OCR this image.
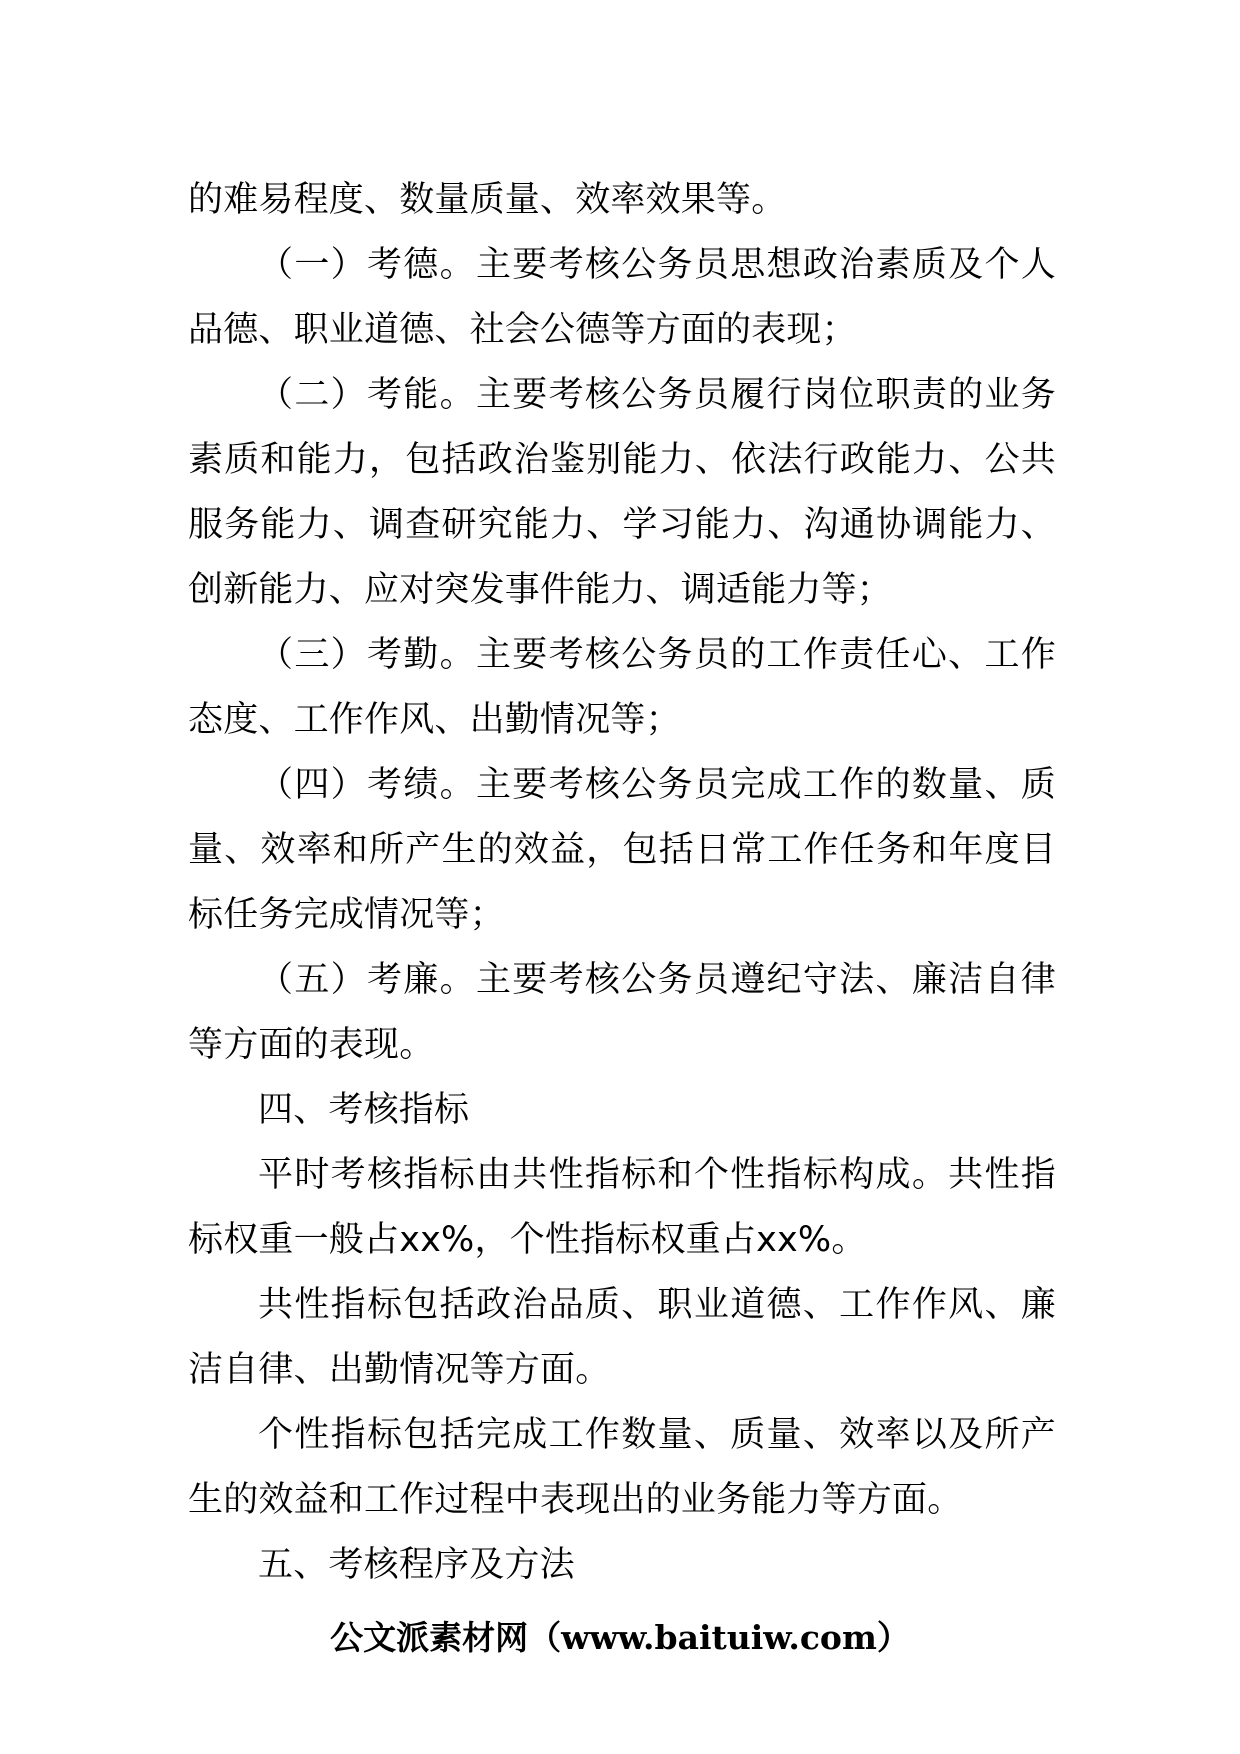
的难易程度、数量质量、效率效果等。

（一）考德。主要考核公务员思想政治素质及个人品德、职业道德、社会公德等方面的表现；

（二）考能。主要考核公务员履行岗位职责的业务素质和能力，包括政治鉴别能力、依法行政能力、公共服务能力、调查研究能力、学习能力、沟通协调能力、创新能力、应对突发事件能力、调适能力等；

（三）考勤。主要考核公务员的工作责任心、工作态度、工作作风、出勤情况等；

（四）考绩。主要考核公务员完成工作的数量、质量、效率和所产生的效益，包括日常工作任务和年度目标任务完成情况等；

（五）考廉。主要考核公务员遵纪守法、廉洁自律等方面的表现。

四、考核指标

平时考核指标由共性指标和个性指标构成。共性指标权重一般占xx%，个性指标权重占xx%。

共性指标包括政治品质、职业道德、工作作风、廉洁自律、出勤情况等方面。

个性指标包括完成工作数量、质量、效率以及所产生的效益和工作过程中表现出的业务能力等方面。

五、考核程序及方法

公文派素材网（www.baituiw.com）
